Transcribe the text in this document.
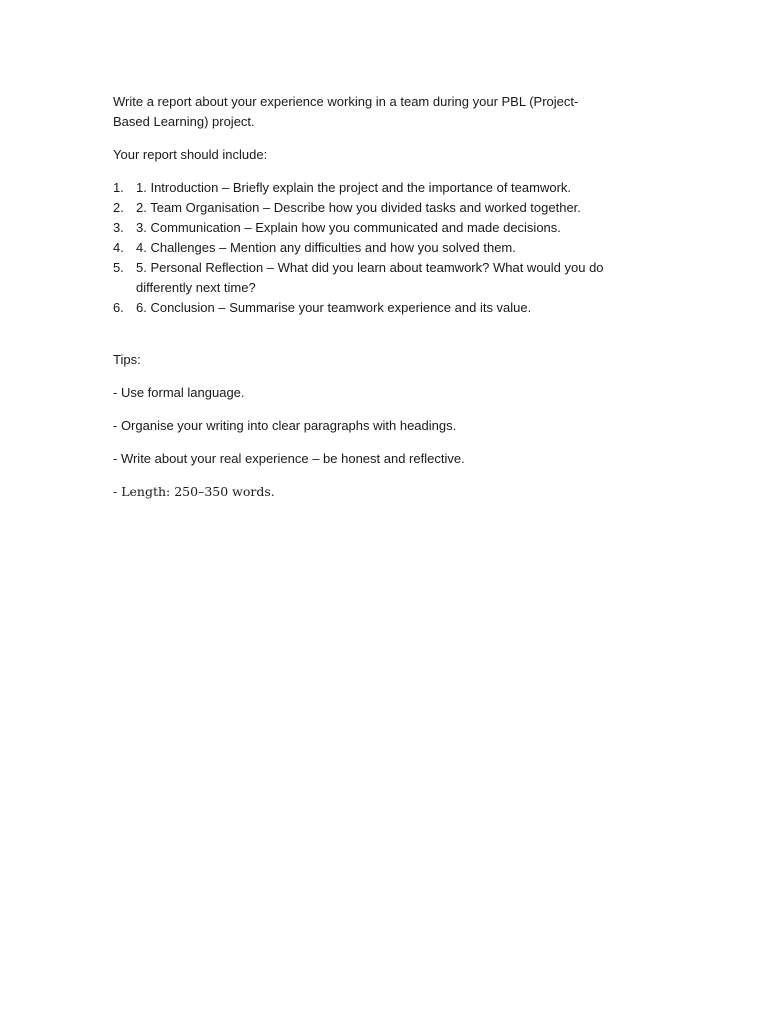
Write a report about your experience working in a team during your PBL (Project-Based Learning) project.

Your report should include:

1. 1. Introduction – Briefly explain the project and the importance of teamwork.
2. 2. Team Organisation – Describe how you divided tasks and worked together.
3. 3. Communication – Explain how you communicated and made decisions.
4. 4. Challenges – Mention any difficulties and how you solved them.
5. 5. Personal Reflection – What did you learn about teamwork? What would you do differently next time?
6. 6. Conclusion – Summarise your teamwork experience and its value.

Tips:

- Use formal language.

- Organise your writing into clear paragraphs with headings.

- Write about your real experience – be honest and reflective.

- Length: 250–350 words.
